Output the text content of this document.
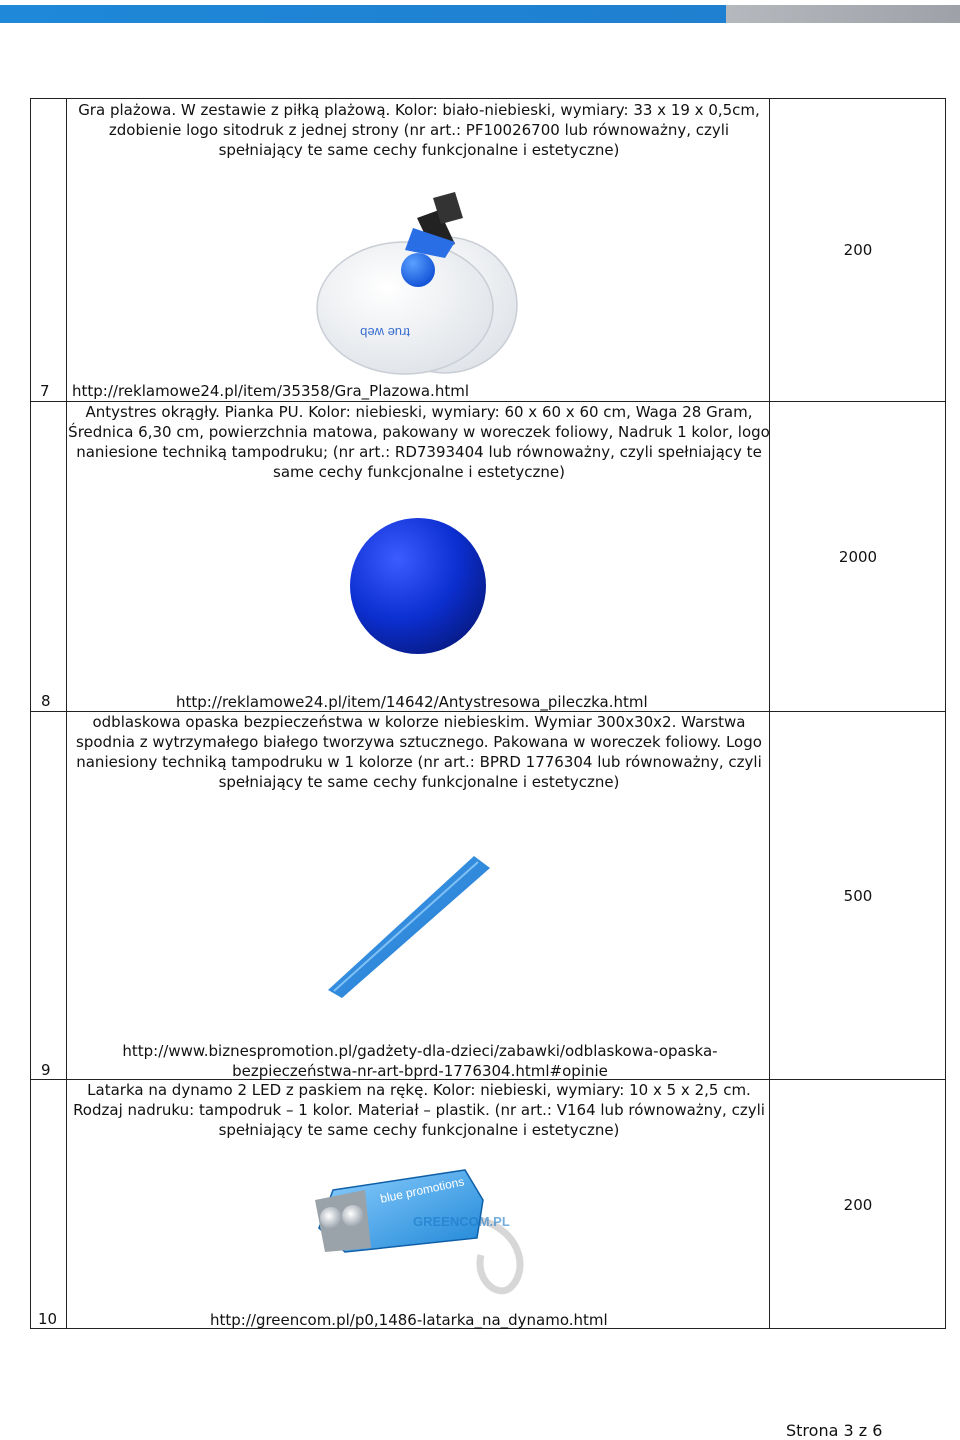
Gra plażowa. W zestawie z piłką plażową. Kolor: biało-niebieski, wymiary: 33 x 19 x 0,5cm, zdobienie logo sitodruk z jednej strony (nr art.: PF10026700 lub równoważny, czyli spełniający te same cechy funkcjonalne i estetyczne)
true web
7 http://reklamowe24.pl/item/35358/Gra_Plazowa.html
200
Antystres okrągły. Pianka PU. Kolor: niebieski, wymiary: 60 x 60 x 60 cm, Waga 28 Gram, Średnica 6,30 cm, powierzchnia matowa, pakowany w woreczek foliowy, Nadruk 1 kolor, logo naniesione techniką tampodruku; (nr art.: RD7393404 lub równoważny, czyli spełniający te same cechy funkcjonalne i estetyczne)
8	http://reklamowe24.pl/item/14642/Antystresowa_pileczka.html
2000
odblaskowa opaska bezpieczeństwa w kolorze niebieskim. Wymiar 300x30x2. Warstwa spodnia z wytrzymałego białego tworzywa sztucznego. Pakowana w woreczek foliowy. Logo naniesiony techniką tampodruku w 1 kolorze (nr art.: BPRD 1776304 lub równoważny, czyli spełniający te same cechy funkcjonalne i estetyczne)
9
http://www.biznespromotion.pl/gadżety-dla-dzieci/zabawki/odblaskowa-opaska-
bezpieczeństwa-nr-art-bprd-1776304.html#opinie
500
Latarka na dynamo 2 LED z paskiem na rękę. Kolor: niebieski, wymiary: 10 x 5 x 2,5 cm. Rodzaj nadruku: tampodruk – 1 kolor. Materiał – plastik. (nr art.: V164 lub równoważny, czyli spełniający te same cechy funkcjonalne i estetyczne)
blue promotions
GREENCOM.PL
10	http://greencom.pl/p0,1486-latarka_na_dynamo.html
200
Strona 3 z 6
